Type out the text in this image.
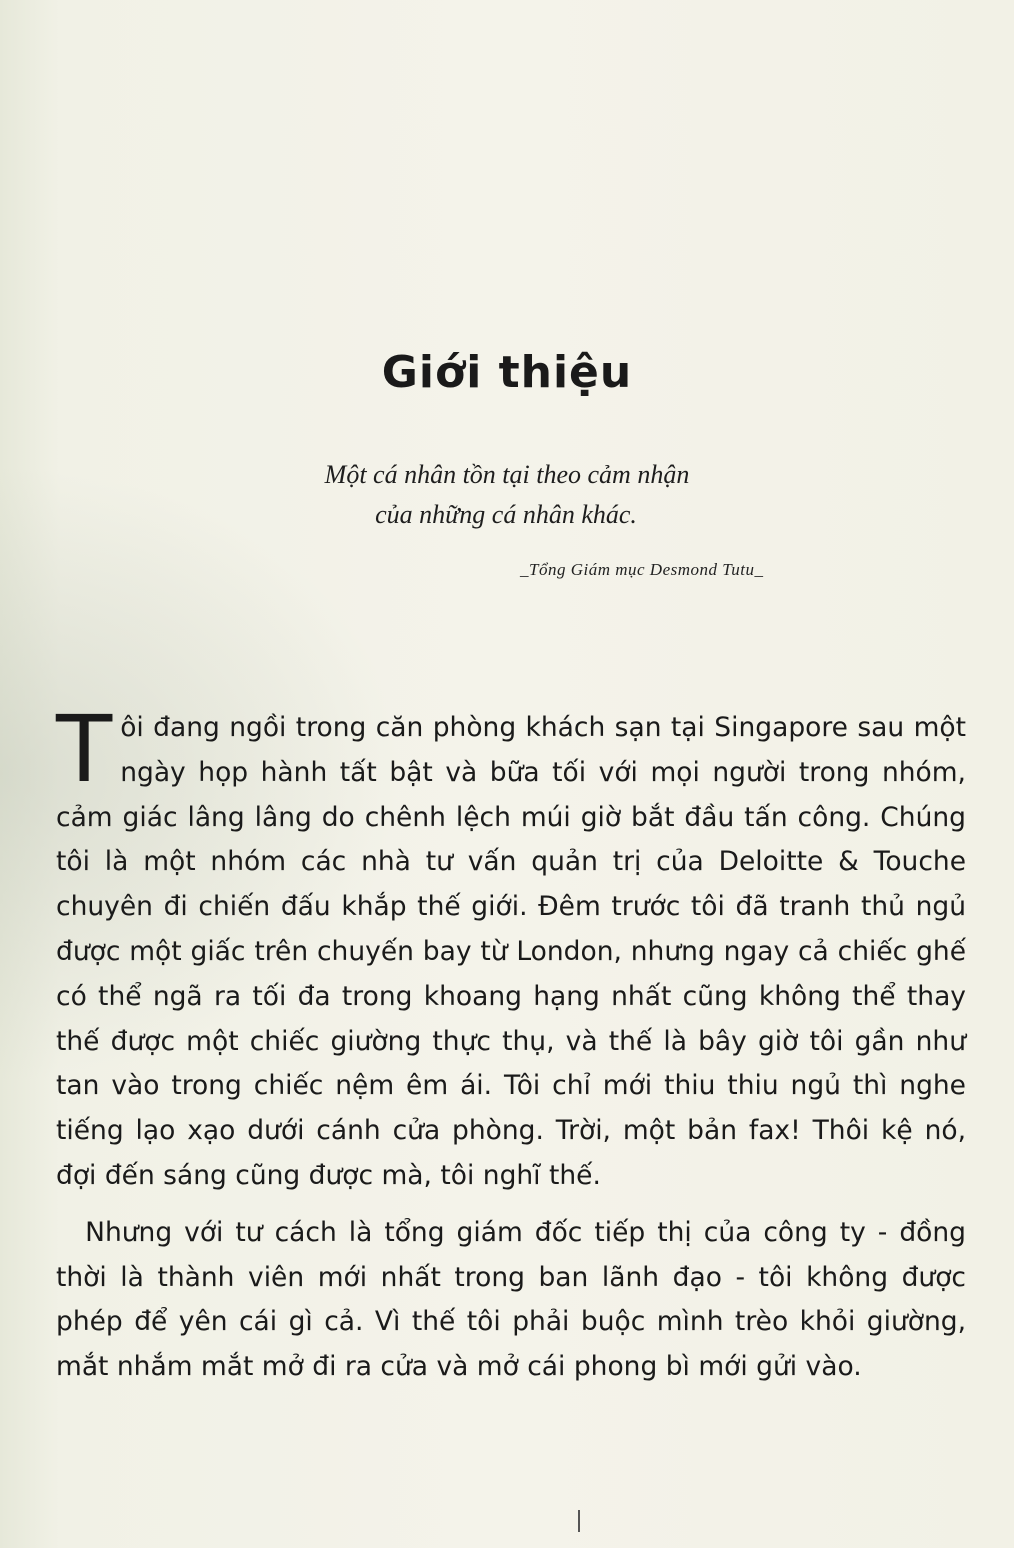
Giới thiệu
Một cá nhân tồn tại theo cảm nhận
của những cá nhân khác.
_Tổng Giám mục Desmond Tutu_

Tôi đang ngồi trong căn phòng khách sạn tại Singapore sau một ngày họp hành tất bật và bữa tối với mọi người trong nhóm, cảm giác lâng lâng do chênh lệch múi giờ bắt đầu tấn công. Chúng tôi là một nhóm các nhà tư vấn quản trị của Deloitte & Touche chuyên đi chiến đấu khắp thế giới. Đêm trước tôi đã tranh thủ ngủ được một giấc trên chuyến bay từ London, nhưng ngay cả chiếc ghế có thể ngã ra tối đa trong khoang hạng nhất cũng không thể thay thế được một chiếc giường thực thụ, và thế là bây giờ tôi gần như tan vào trong chiếc nệm êm ái. Tôi chỉ mới thiu thiu ngủ thì nghe tiếng lạo xạo dưới cánh cửa phòng. Trời, một bản fax! Thôi kệ nó, đợi đến sáng cũng được mà, tôi nghĩ thế.

Nhưng với tư cách là tổng giám đốc tiếp thị của công ty - đồng thời là thành viên mới nhất trong ban lãnh đạo - tôi không được phép để yên cái gì cả. Vì thế tôi phải buộc mình trèo khỏi giường, mắt nhắm mắt mở đi ra cửa và mở cái phong bì mới gửi vào.
